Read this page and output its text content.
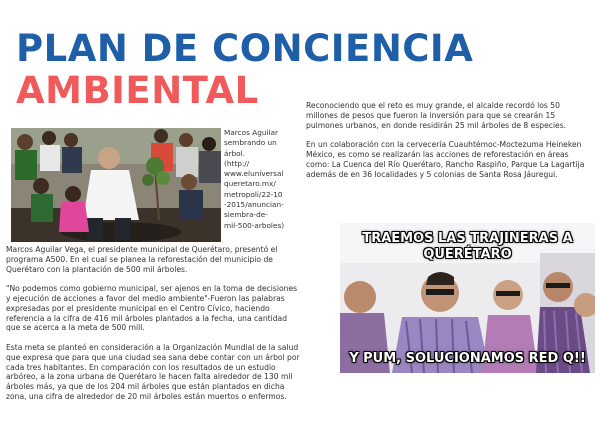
PLAN DE CONCIENCIA
AMBIENTAL
Marcos Aguilar
sembrando un
árbol.
(http://
www.eluniversal
queretaro.mx/
metropoli/22-10
-2015/anuncian-
siembra-de-
mil-500-arboles)

Marcos Aguilar Vega, el presidente municipal de Querétaro, presentó el programa A500. En el cual se planea la reforestación del municipio de Querétaro con la plantación de 500 mil árboles.

"No podemos como gobierno municipal, ser ajenos en la toma de decisiones y ejecución de acciones a favor del medio ambiente"-Fueron las palabras expresadas por el presidente municipal en el Centro Cívico, haciendo referencia a la cifra de 416 mil árboles plantados a la fecha, una cantidad que se acerca a la meta de 500 mill.

Esta meta se planteó en consideración a la Organización Mundial de la salud que expresa que para que una ciudad sea sana debe contar con un árbol por cada tres habitantes. En comparación con los resultados de un estudio arbóreo, a la zona urbana de Querétaro le hacen falta alrededor de 130 mil árboles más, ya que de los 204 mil árboles que están plantados en dicha zona, una cifra de alrededor de 20 mil árboles están muertos o enfermos.

Reconociendo que el reto es muy grande, el alcalde recordó los 50 millones de pesos que fueron la inversión para que se crearán 15 pulmones urbanos, en donde residirán 25 mil árboles de 8 especies.

En un colaboración con la cervecería Cuauhtémoc-Moctezuma Heineken México, es como se realizarán las acciones de reforestación en áreas como: La Cuenca del Río Querétaro, Rancho Raspiño, Parque La Lagartija además de en 36 localidades y 5 colonias de Santa Rosa Jáuregui.

TRAEMOS LAS TRAJINERAS A
QUERÉTARO
Y PUM, SOLUCIONAMOS RED Q!!
